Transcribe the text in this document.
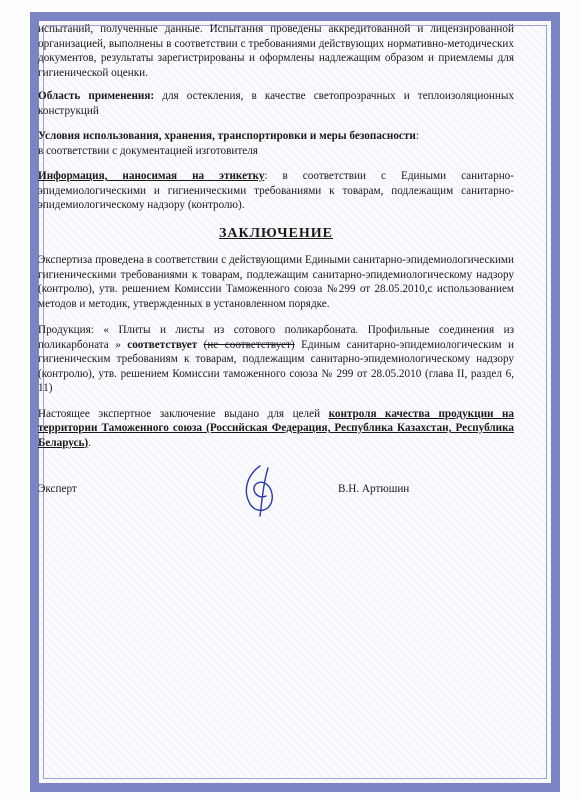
испытаний, полученные данные. Испытания проведены аккредитованной и лицензированной организацией, выполнены в соответствии с требованиями действующих нормативно-методических документов, результаты зарегистрированы и оформлены надлежащим образом и приемлемы для гигиенической оценки.

Область применения: для остекления, в качестве светопрозрачных и теплоизоляционных конструкций

Условия использования, хранения, транспортировки и меры безопасности:
в соответствии с документацией изготовителя

Информация, наносимая на этикетку: в соответствии с Едиными санитарно-эпидемиологическими и гигиеническими требованиями к товарам, подлежащим санитарно-эпидемиологическому надзору (контролю).

ЗАКЛЮЧЕНИЕ

Экспертиза проведена в соответствии с действующими Едиными санитарно-эпидемиологическими гигиеническими требованиями к товарам, подлежащим санитарно-эпидемиологическому надзору (контролю), утв. решением Комиссии Таможенного союза №299 от 28.05.2010,с использованием методов и методик, утвержденных в установленном порядке.

Продукция: « Плиты и листы из сотового поликарбоната. Профильные соединения из поликарбоната » соответствует (не соответствует) Единым санитарно-эпидемиологическим и гигиеническим требованиям к товарам, подлежащим санитарно-эпидемиологическому надзору (контролю), утв. решением Комиссии таможенного союза № 299 от 28.05.2010 (глава II, раздел 6, 11)

Настоящее экспертное заключение выдано для целей контроля качества продукции на территории Таможенного союза (Российская Федерация, Республика Казахстан, Республика Беларусь).

Эксперт	В.Н. Артюшин
